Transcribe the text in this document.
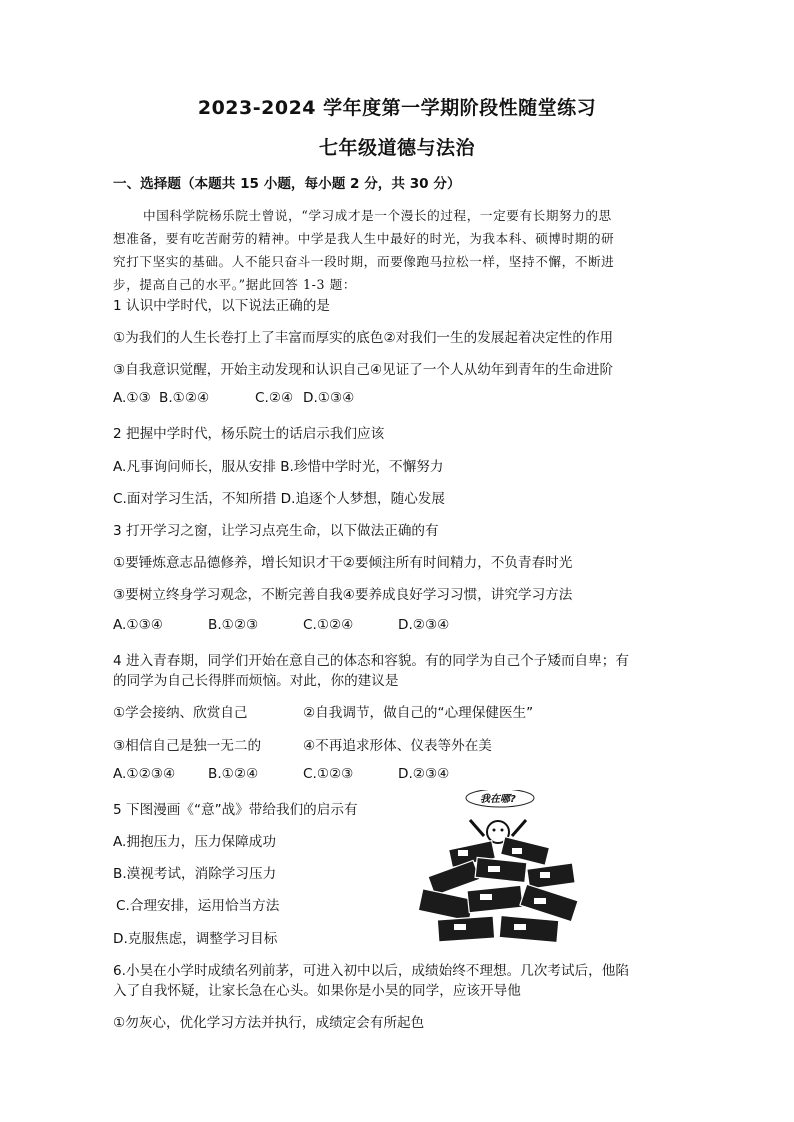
2023-2024 学年度第一学期阶段性随堂练习
七年级道德与法治
一、选择题（本题共 15 小题，每小题 2 分，共 30 分）
中国科学院杨乐院士曾说，“学习成才是一个漫长的过程，一定要有长期努力的思
想准备，要有吃苦耐劳的精神。中学是我人生中最好的时光，为我本科、硕博时期的研
究打下坚实的基础。人不能只奋斗一段时期，而要像跑马拉松一样，坚持不懈，不断进
步，提高自己的水平。”据此回答 1-3 题：
1 认识中学时代，以下说法正确的是
①为我们的人生长卷打上了丰富而厚实的底色②对我们一生的发展起着决定性的作用
③自我意识觉醒，开始主动发现和认识自己④见证了一个人从幼年到青年的生命进阶
A.①③ B.①②④	C.②④ D.①③④
2 把握中学时代，杨乐院士的话启示我们应该
A.凡事询问师长，服从安排 B.珍惜中学时光，不懈努力
C.面对学习生活，不知所措 D.追逐个人梦想，随心发展
3 打开学习之窗，让学习点亮生命，以下做法正确的有
①要锤炼意志品德修养，增长知识才干②要倾注所有时间精力，不负青春时光
③要树立终身学习观念，不断完善自我④要养成良好学习习惯，讲究学习方法
A.①③④	B.①②③	C.①②④	D.②③④
4 进入青春期，同学们开始在意自己的体态和容貌。有的同学为自己个子矮而自卑；有
的同学为自己长得胖而烦恼。对此，你的建议是
①学会接纳、欣赏自己	②自我调节，做自己的“心理保健医生”
③相信自己是独一无二的	④不再追求形体、仪表等外在美
A.①②③④ B.①②④	C.①②③	D.②③④
5 下图漫画《“意”战》带给我们的启示有
A.拥抱压力，压力保障成功
B.漠视考试，消除学习压力
C.合理安排，运用恰当方法
D.克服焦虑，调整学习目标
我在哪?
6.小昊在小学时成绩名列前茅，可进入初中以后，成绩始终不理想。几次考试后，他陷
入了自我怀疑，让家长急在心头。如果你是小昊的同学，应该开导他
①勿灰心，优化学习方法并执行，成绩定会有所起色
